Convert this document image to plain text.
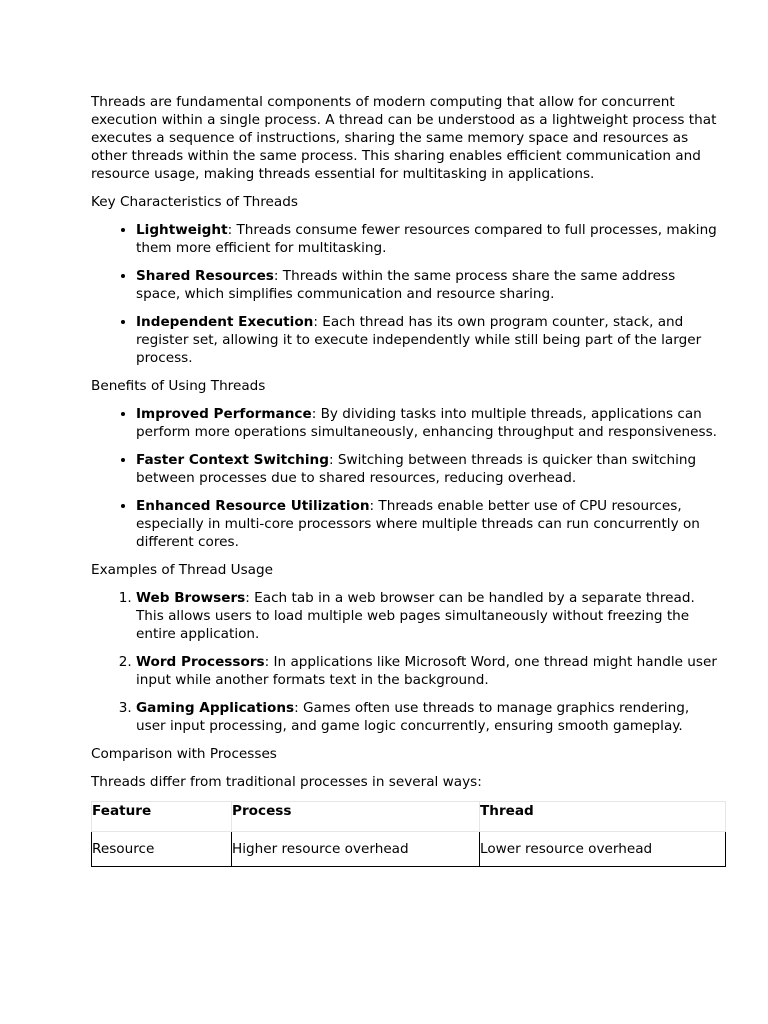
Threads are fundamental components of modern computing that allow for concurrent execution within a single process. A thread can be understood as a lightweight process that executes a sequence of instructions, sharing the same memory space and resources as other threads within the same process. This sharing enables efficient communication and resource usage, making threads essential for multitasking in applications.

Key Characteristics of Threads

• Lightweight: Threads consume fewer resources compared to full processes, making them more efficient for multitasking.
• Shared Resources: Threads within the same process share the same address space, which simplifies communication and resource sharing.
• Independent Execution: Each thread has its own program counter, stack, and register set, allowing it to execute independently while still being part of the larger process.

Benefits of Using Threads

• Improved Performance: By dividing tasks into multiple threads, applications can perform more operations simultaneously, enhancing throughput and responsiveness.
• Faster Context Switching: Switching between threads is quicker than switching between processes due to shared resources, reducing overhead.
• Enhanced Resource Utilization: Threads enable better use of CPU resources, especially in multi-core processors where multiple threads can run concurrently on different cores.

Examples of Thread Usage

1. Web Browsers: Each tab in a web browser can be handled by a separate thread. This allows users to load multiple web pages simultaneously without freezing the entire application.
2. Word Processors: In applications like Microsoft Word, one thread might handle user input while another formats text in the background.
3. Gaming Applications: Games often use threads to manage graphics rendering, user input processing, and game logic concurrently, ensuring smooth gameplay.

Comparison with Processes

Threads differ from traditional processes in several ways:

Feature	Process	Thread
Resource	Higher resource overhead	Lower resource overhead
